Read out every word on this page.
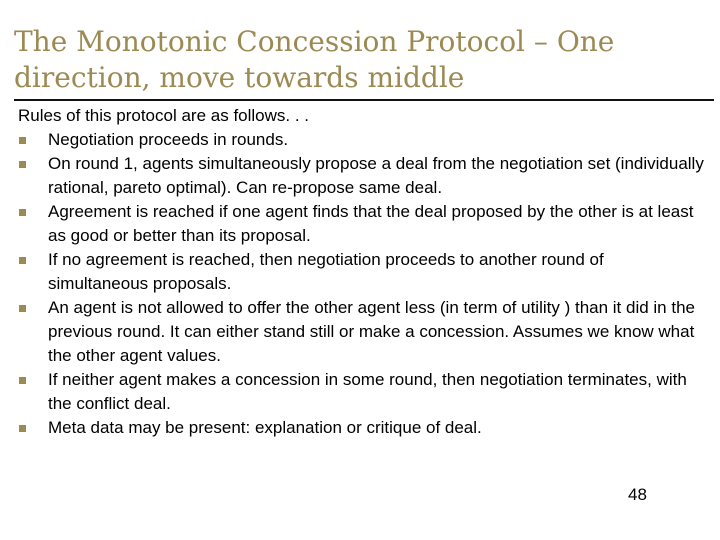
The Monotonic Concession Protocol – One direction, move towards middle

Rules of this protocol are as follows. . .

Negotiation proceeds in rounds.
On round 1, agents simultaneously propose a deal from the negotiation set (individually rational, pareto optimal). Can re-propose same deal.
Agreement is reached if one agent finds that the deal proposed by the other is at least as good or better than its proposal.
If no agreement is reached, then negotiation proceeds to another round of simultaneous proposals.
An agent is not allowed to offer the other agent less (in term of utility ) than it did in the previous round. It can either stand still or make a concession. Assumes we know what the other agent values.
If neither agent makes a concession in some round, then negotiation terminates, with the conflict deal.
Meta data may be present: explanation or critique of deal.
48
